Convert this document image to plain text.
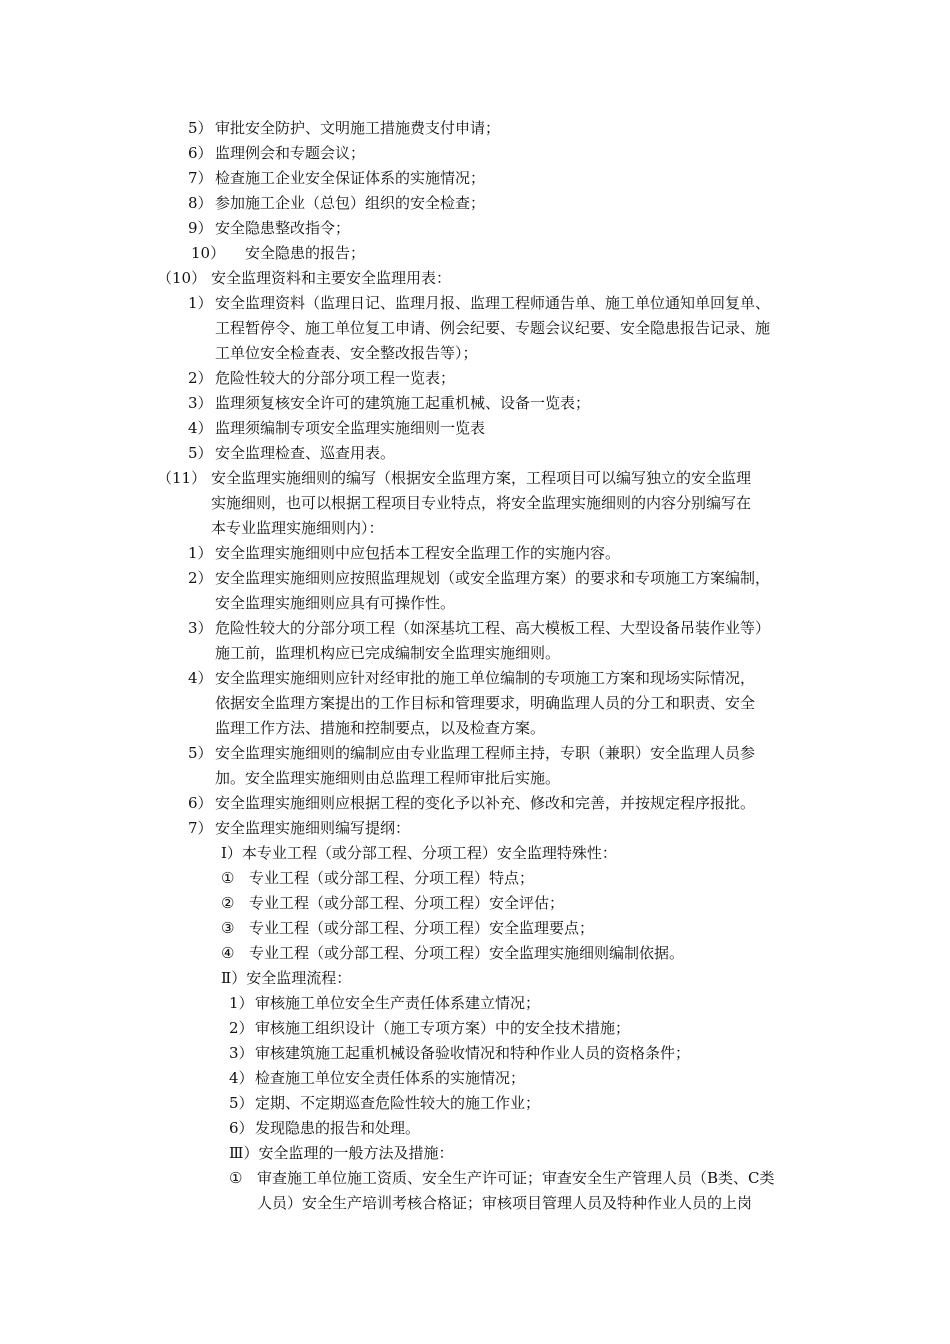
5） 审批安全防护、文明施工措施费支付申请；
6） 监理例会和专题会议；
7） 检查施工企业安全保证体系的实施情况；
8） 参加施工企业（总包）组织的安全检查；
9） 安全隐患整改指令；
10） 安全隐患的报告；
（10） 安全监理资料和主要安全监理用表：
1） 安全监理资料（监理日记、监理月报、监理工程师通告单、施工单位通知单回复单、
工程暂停令、施工单位复工申请、例会纪要、专题会议纪要、安全隐患报告记录、施
工单位安全检查表、安全整改报告等）；
2） 危险性较大的分部分项工程一览表；
3） 监理须复核安全许可的建筑施工起重机械、设备一览表；
4） 监理须编制专项安全监理实施细则一览表
5） 安全监理检查、巡查用表。
（11） 安全监理实施细则的编写（根据安全监理方案，工程项目可以编写独立的安全监理
实施细则，也可以根据工程项目专业特点，将安全监理实施细则的内容分别编写在
本专业监理实施细则内）：
1） 安全监理实施细则中应包括本工程安全监理工作的实施内容。
2） 安全监理实施细则应按照监理规划（或安全监理方案）的要求和专项施工方案编制，
安全监理实施细则应具有可操作性。
3） 危险性较大的分部分项工程（如深基坑工程、高大模板工程、大型设备吊装作业等）
施工前，监理机构应已完成编制安全监理实施细则。
4） 安全监理实施细则应针对经审批的施工单位编制的专项施工方案和现场实际情况，
依据安全监理方案提出的工作目标和管理要求，明确监理人员的分工和职责、安全
监理工作方法、措施和控制要点，以及检查方案。
5） 安全监理实施细则的编制应由专业监理工程师主持，专职（兼职）安全监理人员参
加。安全监理实施细则由总监理工程师审批后实施。
6） 安全监理实施细则应根据工程的变化予以补充、修改和完善，并按规定程序报批。
7） 安全监理实施细则编写提纲：
Ⅰ）本专业工程（或分部工程、分项工程）安全监理特殊性：
① 专业工程（或分部工程、分项工程）特点；
② 专业工程（或分部工程、分项工程）安全评估；
③ 专业工程（或分部工程、分项工程）安全监理要点；
④ 专业工程（或分部工程、分项工程）安全监理实施细则编制依据。
Ⅱ）安全监理流程：
1） 审核施工单位安全生产责任体系建立情况；
2） 审核施工组织设计（施工专项方案）中的安全技术措施；
3） 审核建筑施工起重机械设备验收情况和特种作业人员的资格条件；
4） 检查施工单位安全责任体系的实施情况；
5） 定期、不定期巡查危险性较大的施工作业；
6） 发现隐患的报告和处理。
Ⅲ）安全监理的一般方法及措施：
① 审查施工单位施工资质、安全生产许可证；审查安全生产管理人员（B类、C类
人员）安全生产培训考核合格证；审核项目管理人员及特种作业人员的上岗
